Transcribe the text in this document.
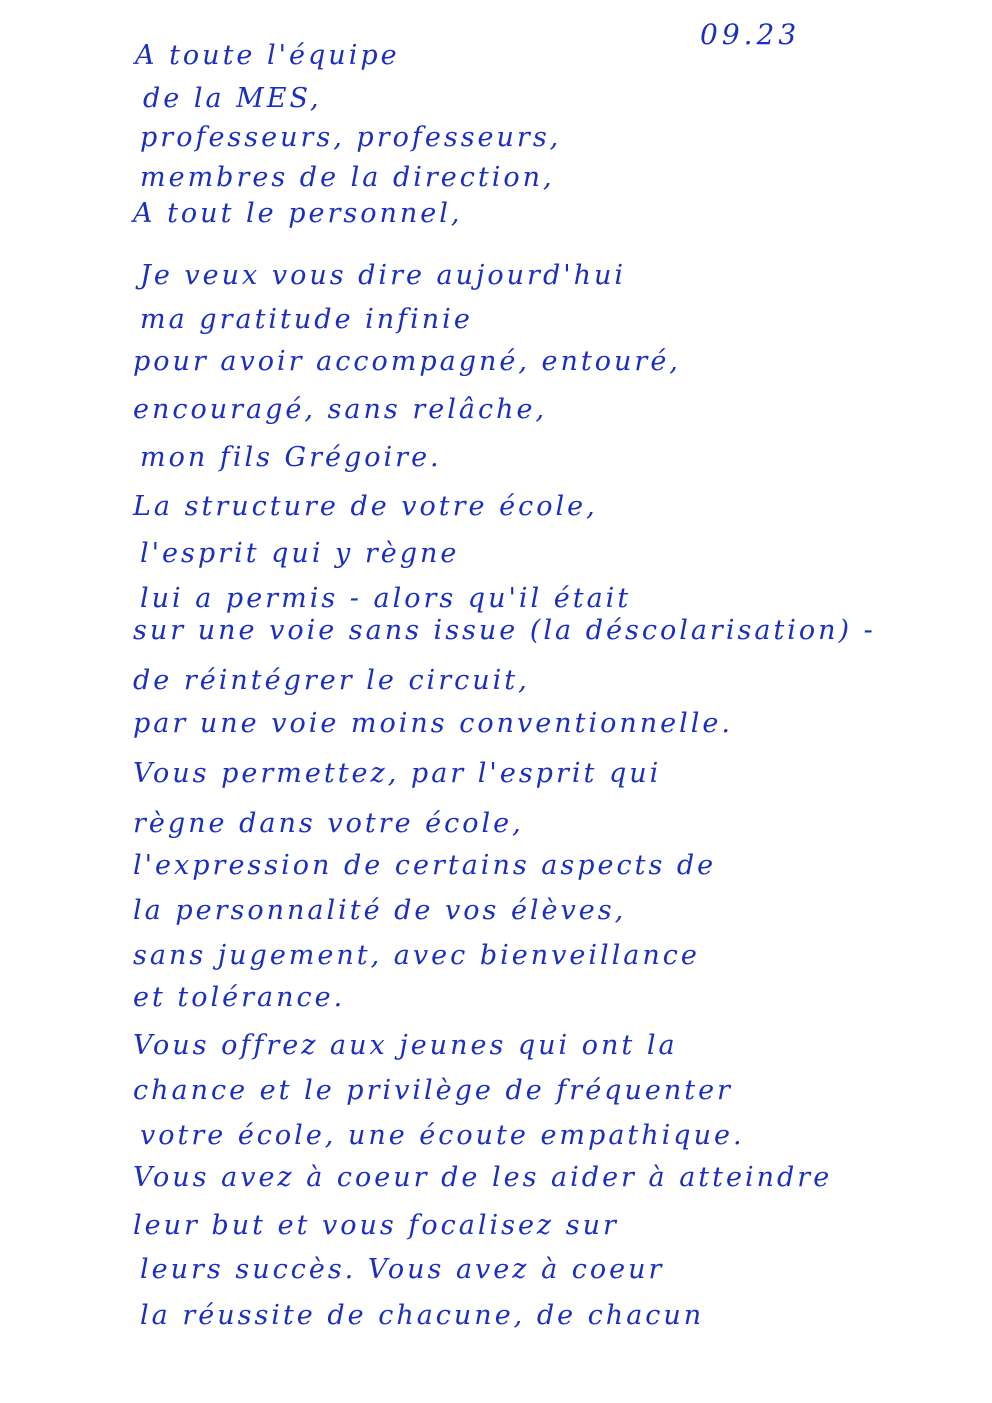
09.23
A toute l'équipe
de la MES,
professeurs, professeurs,
membres de la direction,
A tout le personnel,
Je veux vous dire aujourd'hui
ma gratitude infinie
pour avoir accompagné, entouré,
encouragé, sans relâche,
mon fils Grégoire.
La structure de votre école,
l'esprit qui y règne
lui a permis - alors qu'il était
sur une voie sans issue (la déscolarisation) -
de réintégrer le circuit,
par une voie moins conventionnelle.
Vous permettez, par l'esprit qui
règne dans votre école,
l'expression de certains aspects de
la personnalité de vos élèves,
sans jugement, avec bienveillance
et tolérance.
Vous offrez aux jeunes qui ont la
chance et le privilège de fréquenter
votre école, une écoute empathique.
Vous avez à coeur de les aider à atteindre
leur but et vous focalisez sur
leurs succès. Vous avez à coeur
la réussite de chacune, de chacun
